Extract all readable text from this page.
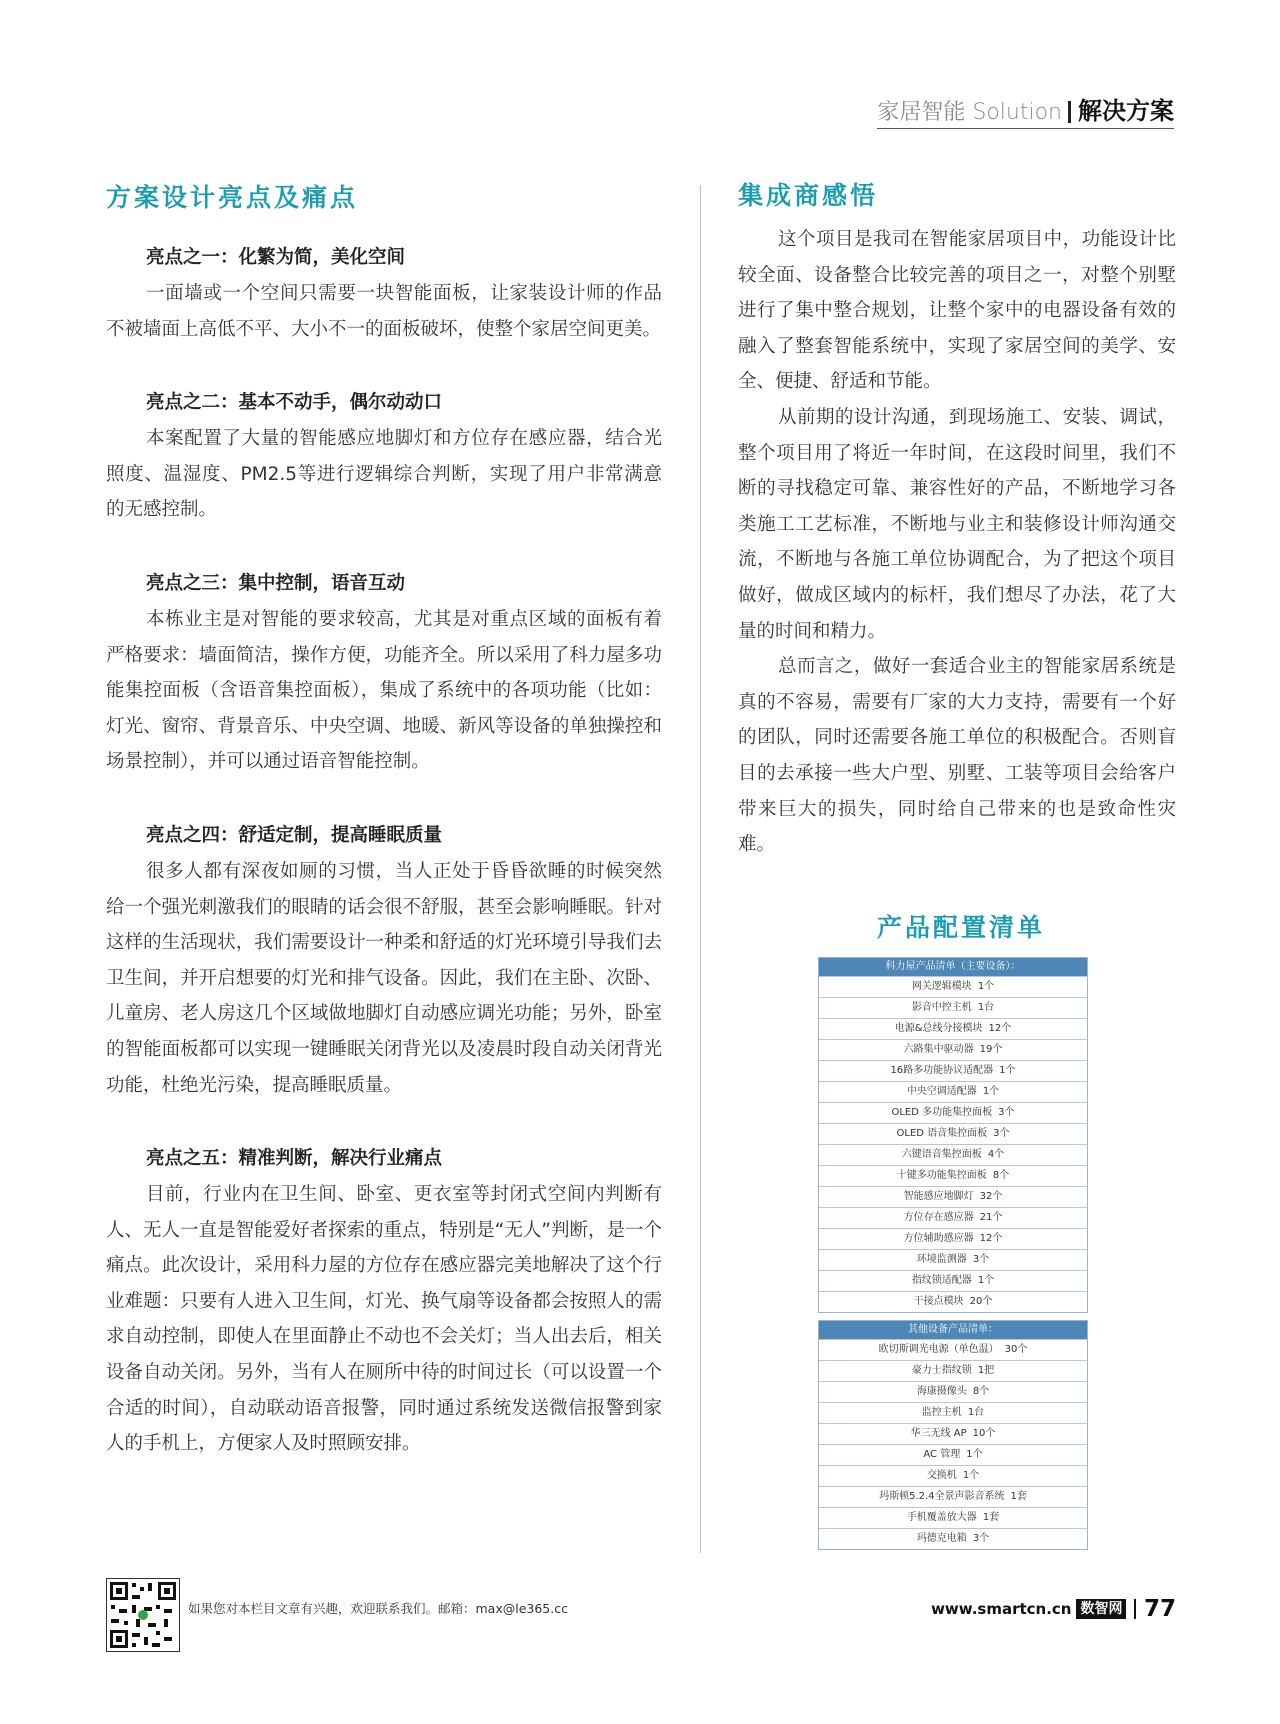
家居智能 Solution 解决方案
方案设计亮点及痛点

亮点之一：化繁为简，美化空间

一面墙或一个空间只需要一块智能面板，让家装设计师的作品不被墙面上高低不平、大小不一的面板破坏，使整个家居空间更美。

亮点之二：基本不动手，偶尔动动口

本案配置了大量的智能感应地脚灯和方位存在感应器，结合光照度、温湿度、PM2.5等进行逻辑综合判断，实现了用户非常满意的无感控制。

亮点之三：集中控制，语音互动

本栋业主是对智能的要求较高，尤其是对重点区域的面板有着严格要求：墙面简洁，操作方便，功能齐全。所以采用了科力屋多功能集控面板（含语音集控面板），集成了系统中的各项功能（比如：灯光、窗帘、背景音乐、中央空调、地暖、新风等设备的单独操控和场景控制），并可以通过语音智能控制。

亮点之四：舒适定制，提高睡眠质量

很多人都有深夜如厕的习惯，当人正处于昏昏欲睡的时候突然给一个强光刺激我们的眼睛的话会很不舒服，甚至会影响睡眠。针对这样的生活现状，我们需要设计一种柔和舒适的灯光环境引导我们去卫生间，并开启想要的灯光和排气设备。因此，我们在主卧、次卧、儿童房、老人房这几个区域做地脚灯自动感应调光功能；另外，卧室的智能面板都可以实现一键睡眠关闭背光以及凌晨时段自动关闭背光功能，杜绝光污染，提高睡眠质量。

亮点之五：精准判断，解决行业痛点

目前，行业内在卫生间、卧室、更衣室等封闭式空间内判断有人、无人一直是智能爱好者探索的重点，特别是“无人”判断，是一个痛点。此次设计，采用科力屋的方位存在感应器完美地解决了这个行业难题：只要有人进入卫生间，灯光、换气扇等设备都会按照人的需求自动控制，即使人在里面静止不动也不会关灯；当人出去后，相关设备自动关闭。另外，当有人在厕所中待的时间过长（可以设置一个合适的时间），自动联动语音报警，同时通过系统发送微信报警到家人的手机上，方便家人及时照顾安排。

集成商感悟

这个项目是我司在智能家居项目中，功能设计比较全面、设备整合比较完善的项目之一，对整个别墅进行了集中整合规划，让整个家中的电器设备有效的融入了整套智能系统中，实现了家居空间的美学、安全、便捷、舒适和节能。

从前期的设计沟通，到现场施工、安装、调试，整个项目用了将近一年时间，在这段时间里，我们不断的寻找稳定可靠、兼容性好的产品，不断地学习各类施工工艺标准，不断地与业主和装修设计师沟通交流，不断地与各施工单位协调配合，为了把这个项目做好，做成区域内的标杆，我们想尽了办法，花了大量的时间和精力。

总而言之，做好一套适合业主的智能家居系统是真的不容易，需要有厂家的大力支持，需要有一个好的团队，同时还需要各施工单位的积极配合。否则盲目的去承接一些大户型、别墅、工装等项目会给客户带来巨大的损失，同时给自己带来的也是致命性灾难。

产品配置清单
科力屋产品清单（主要设备）：
网关逻辑模块 1个
影音中控主机 1台
电源&总线分接模块 12个
六路集中驱动器 19个
16路多功能协议适配器 1个
中央空调适配器 1个
OLED 多功能集控面板 3个
OLED 语音集控面板 3个
六键语音集控面板 4个
十键多功能集控面板 8个
智能感应地脚灯 32个
方位存在感应器 21个
方位辅助感应器 12个
环境监测器 3个
指纹锁适配器 1个
干接点模块 20个
其他设备产品清单：
欧切斯调光电源（单色温） 30个
豪力士指纹锁 1把
海康摄像头 8个
监控主机 1台
华三无线 AP 10个
AC 管理 1个
交换机 1个
玛斯顿5.2.4全景声影音系统 1套
手机覆盖放大器 1套
玛德克电箱 3个
如果您对本栏目文章有兴趣，欢迎联系我们。邮箱：max@le365.cc	www.smartcn.cn 数智网 77
